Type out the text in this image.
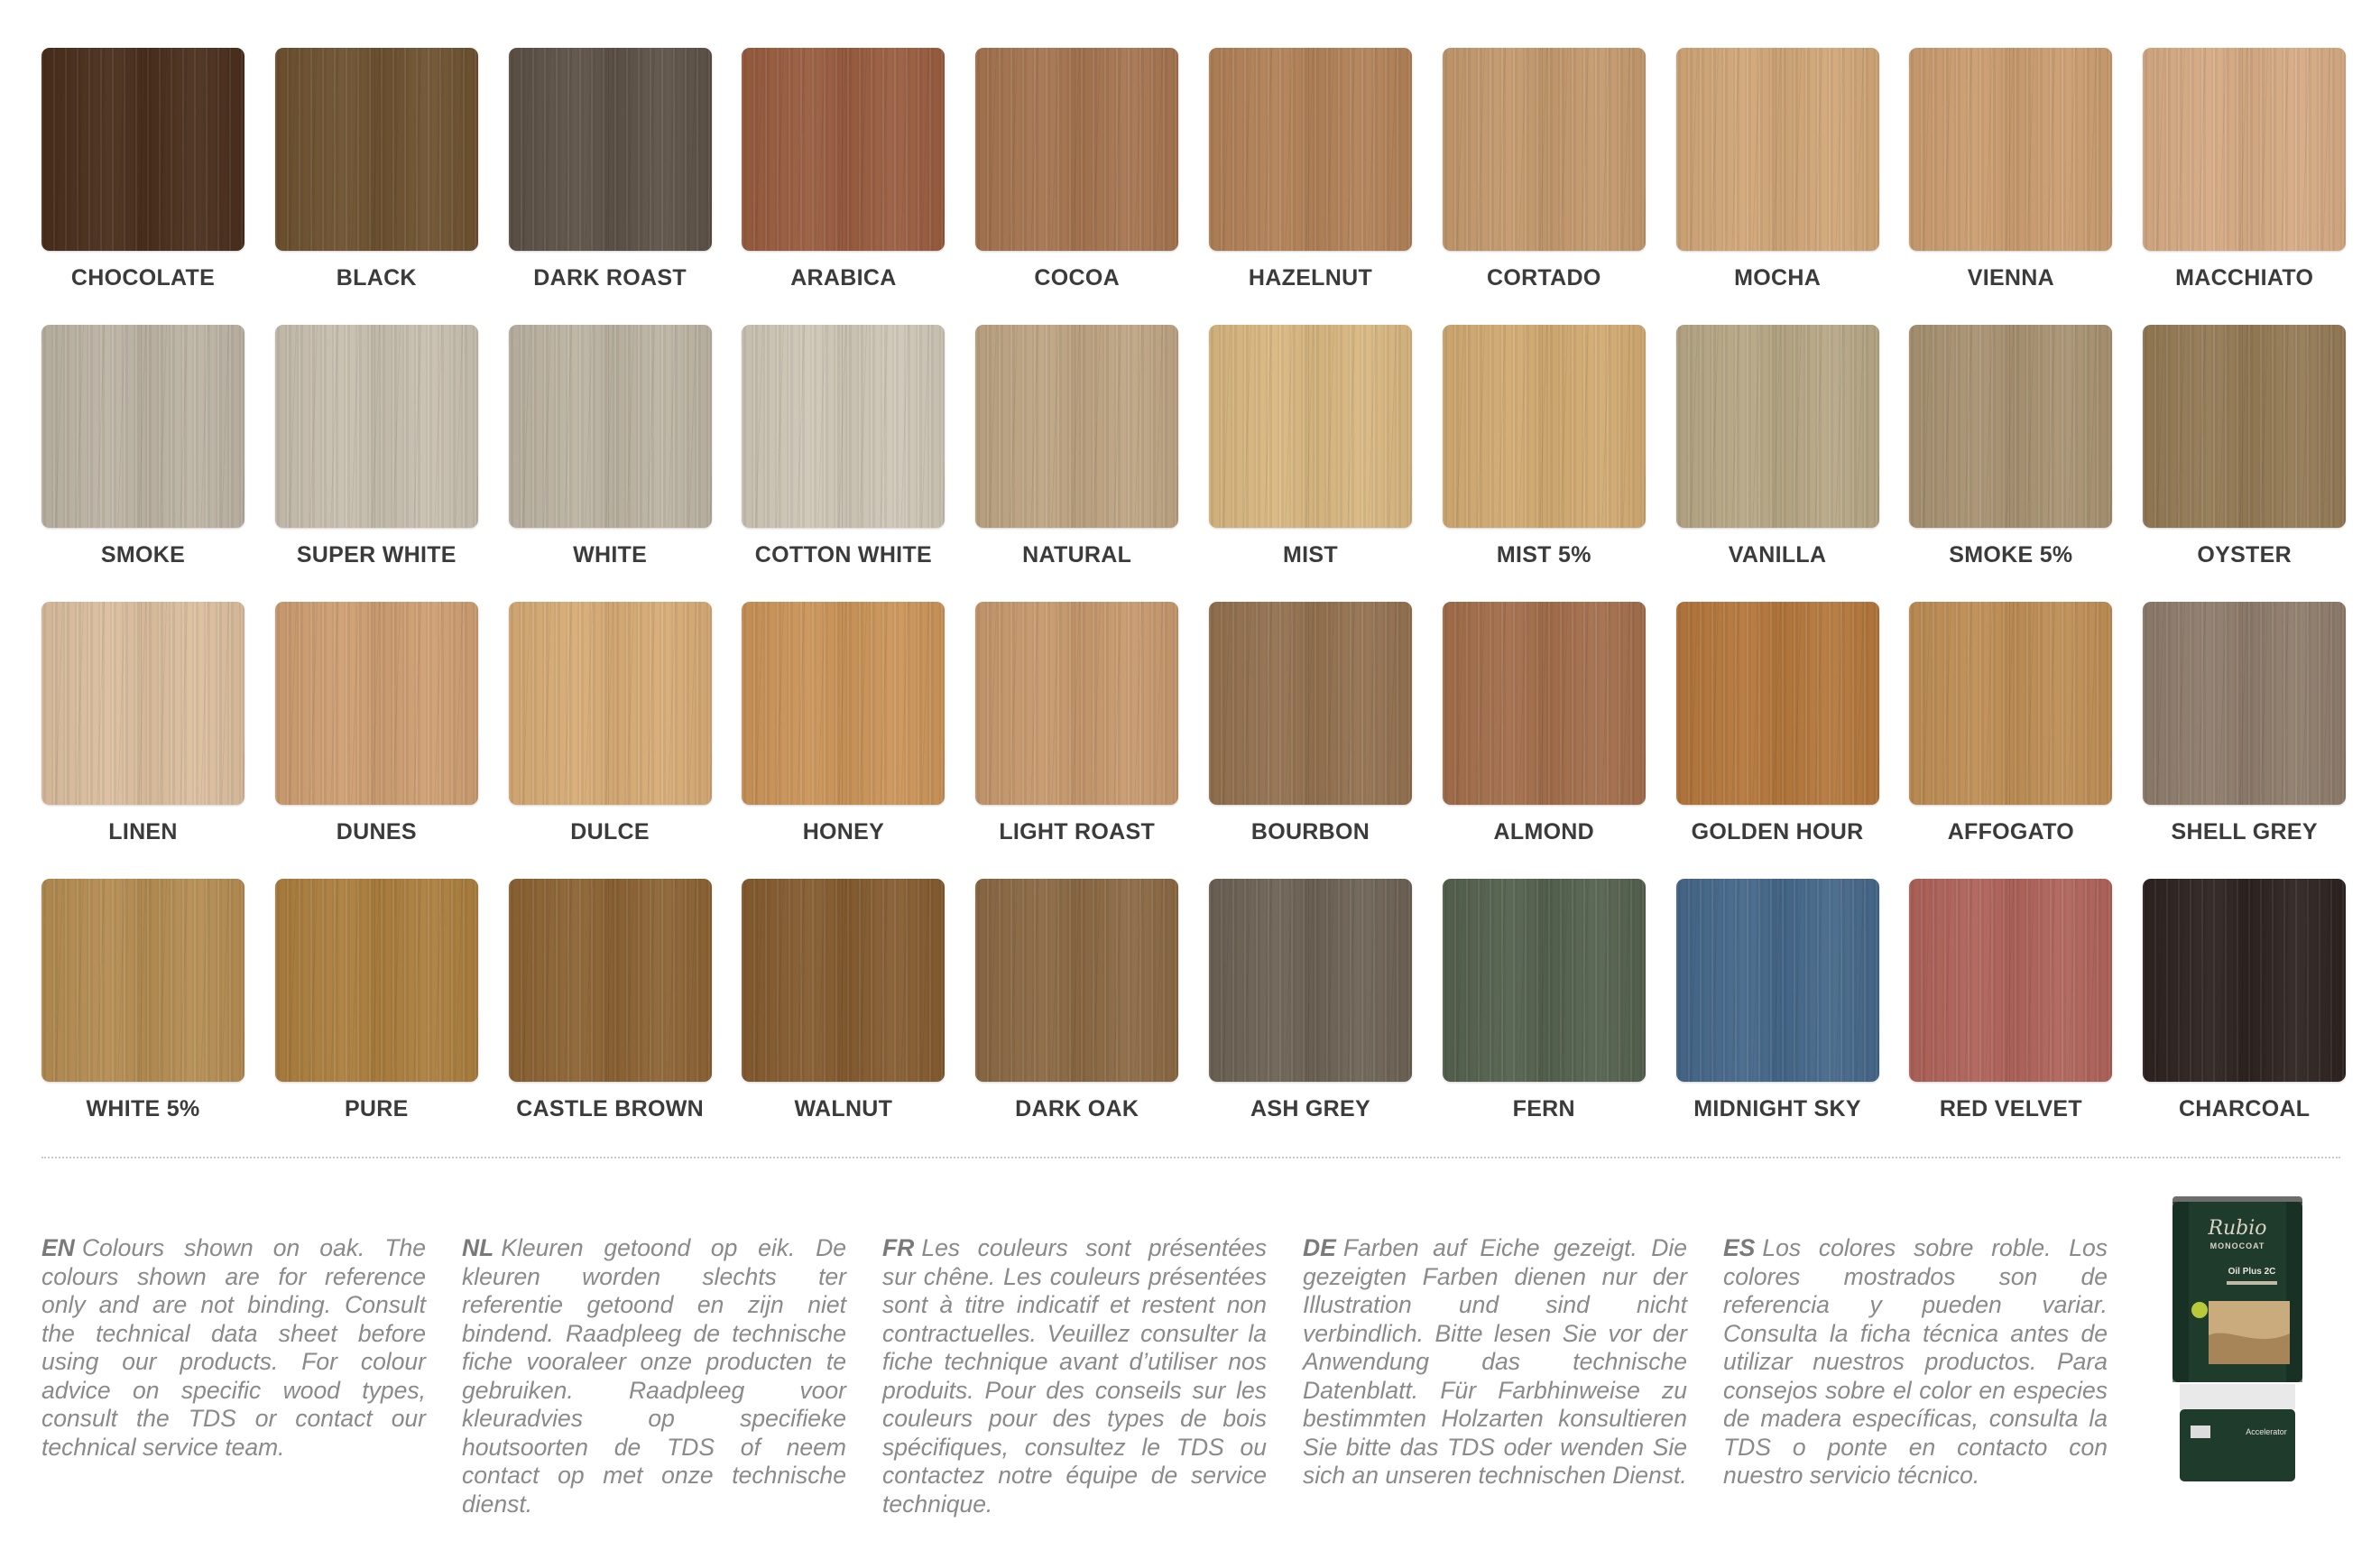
CHOCOLATE	BLACK	DARK ROAST	ARABICA	COCOA	HAZELNUT	CORTADO	MOCHA	VIENNA	MACCHIATO
SMOKE	SUPER WHITE	WHITE	COTTON WHITE	NATURAL	MIST	MIST 5%	VANILLA	SMOKE 5%	OYSTER
LINEN	DUNES	DULCE	HONEY	LIGHT ROAST	BOURBON	ALMOND	GOLDEN HOUR	AFFOGATO	SHELL GREY
WHITE 5%	PURE	CASTLE BROWN	WALNUT	DARK OAK	ASH GREY	FERN	MIDNIGHT SKY	RED VELVET	CHARCOAL
EN Colours shown on oak. The colours shown are for reference only and are not binding. Consult the technical data sheet before using our products. For colour advice on specific wood types, consult the TDS or contact our technical service team.
NL Kleuren getoond op eik. De kleuren worden slechts ter referentie getoond en zijn niet bindend. Raadpleeg de technische fiche vooraleer onze producten te gebruiken. Raadpleeg voor kleuradvies op specifieke houtsoorten de TDS of neem contact op met onze technische dienst.
FR Les couleurs sont présentées sur chêne. Les couleurs présentées sont à titre indicatif et restent non contractuelles. Veuillez consulter la fiche technique avant d’utiliser nos produits. Pour des conseils sur les couleurs pour des types de bois spécifiques, consultez le TDS ou contactez notre équipe de service technique.
DE Farben auf Eiche gezeigt. Die gezeigten Farben dienen nur der Illustration und sind nicht verbindlich. Bitte lesen Sie vor der Anwendung das technische Datenblatt. Für Farbhinweise zu bestimmten Holzarten konsultieren Sie bitte das TDS oder wenden Sie sich an unseren technischen Dienst.
ES Los colores sobre roble. Los colores mostrados son de referencia y pueden variar. Consulta la ficha técnica antes de utilizar nuestros productos. Para consejos sobre el color en especies de madera específicas, consulta la TDS o ponte en contacto con nuestro servicio técnico.
Rubio
MONOCOAT
Oil Plus 2C
Accelerator
